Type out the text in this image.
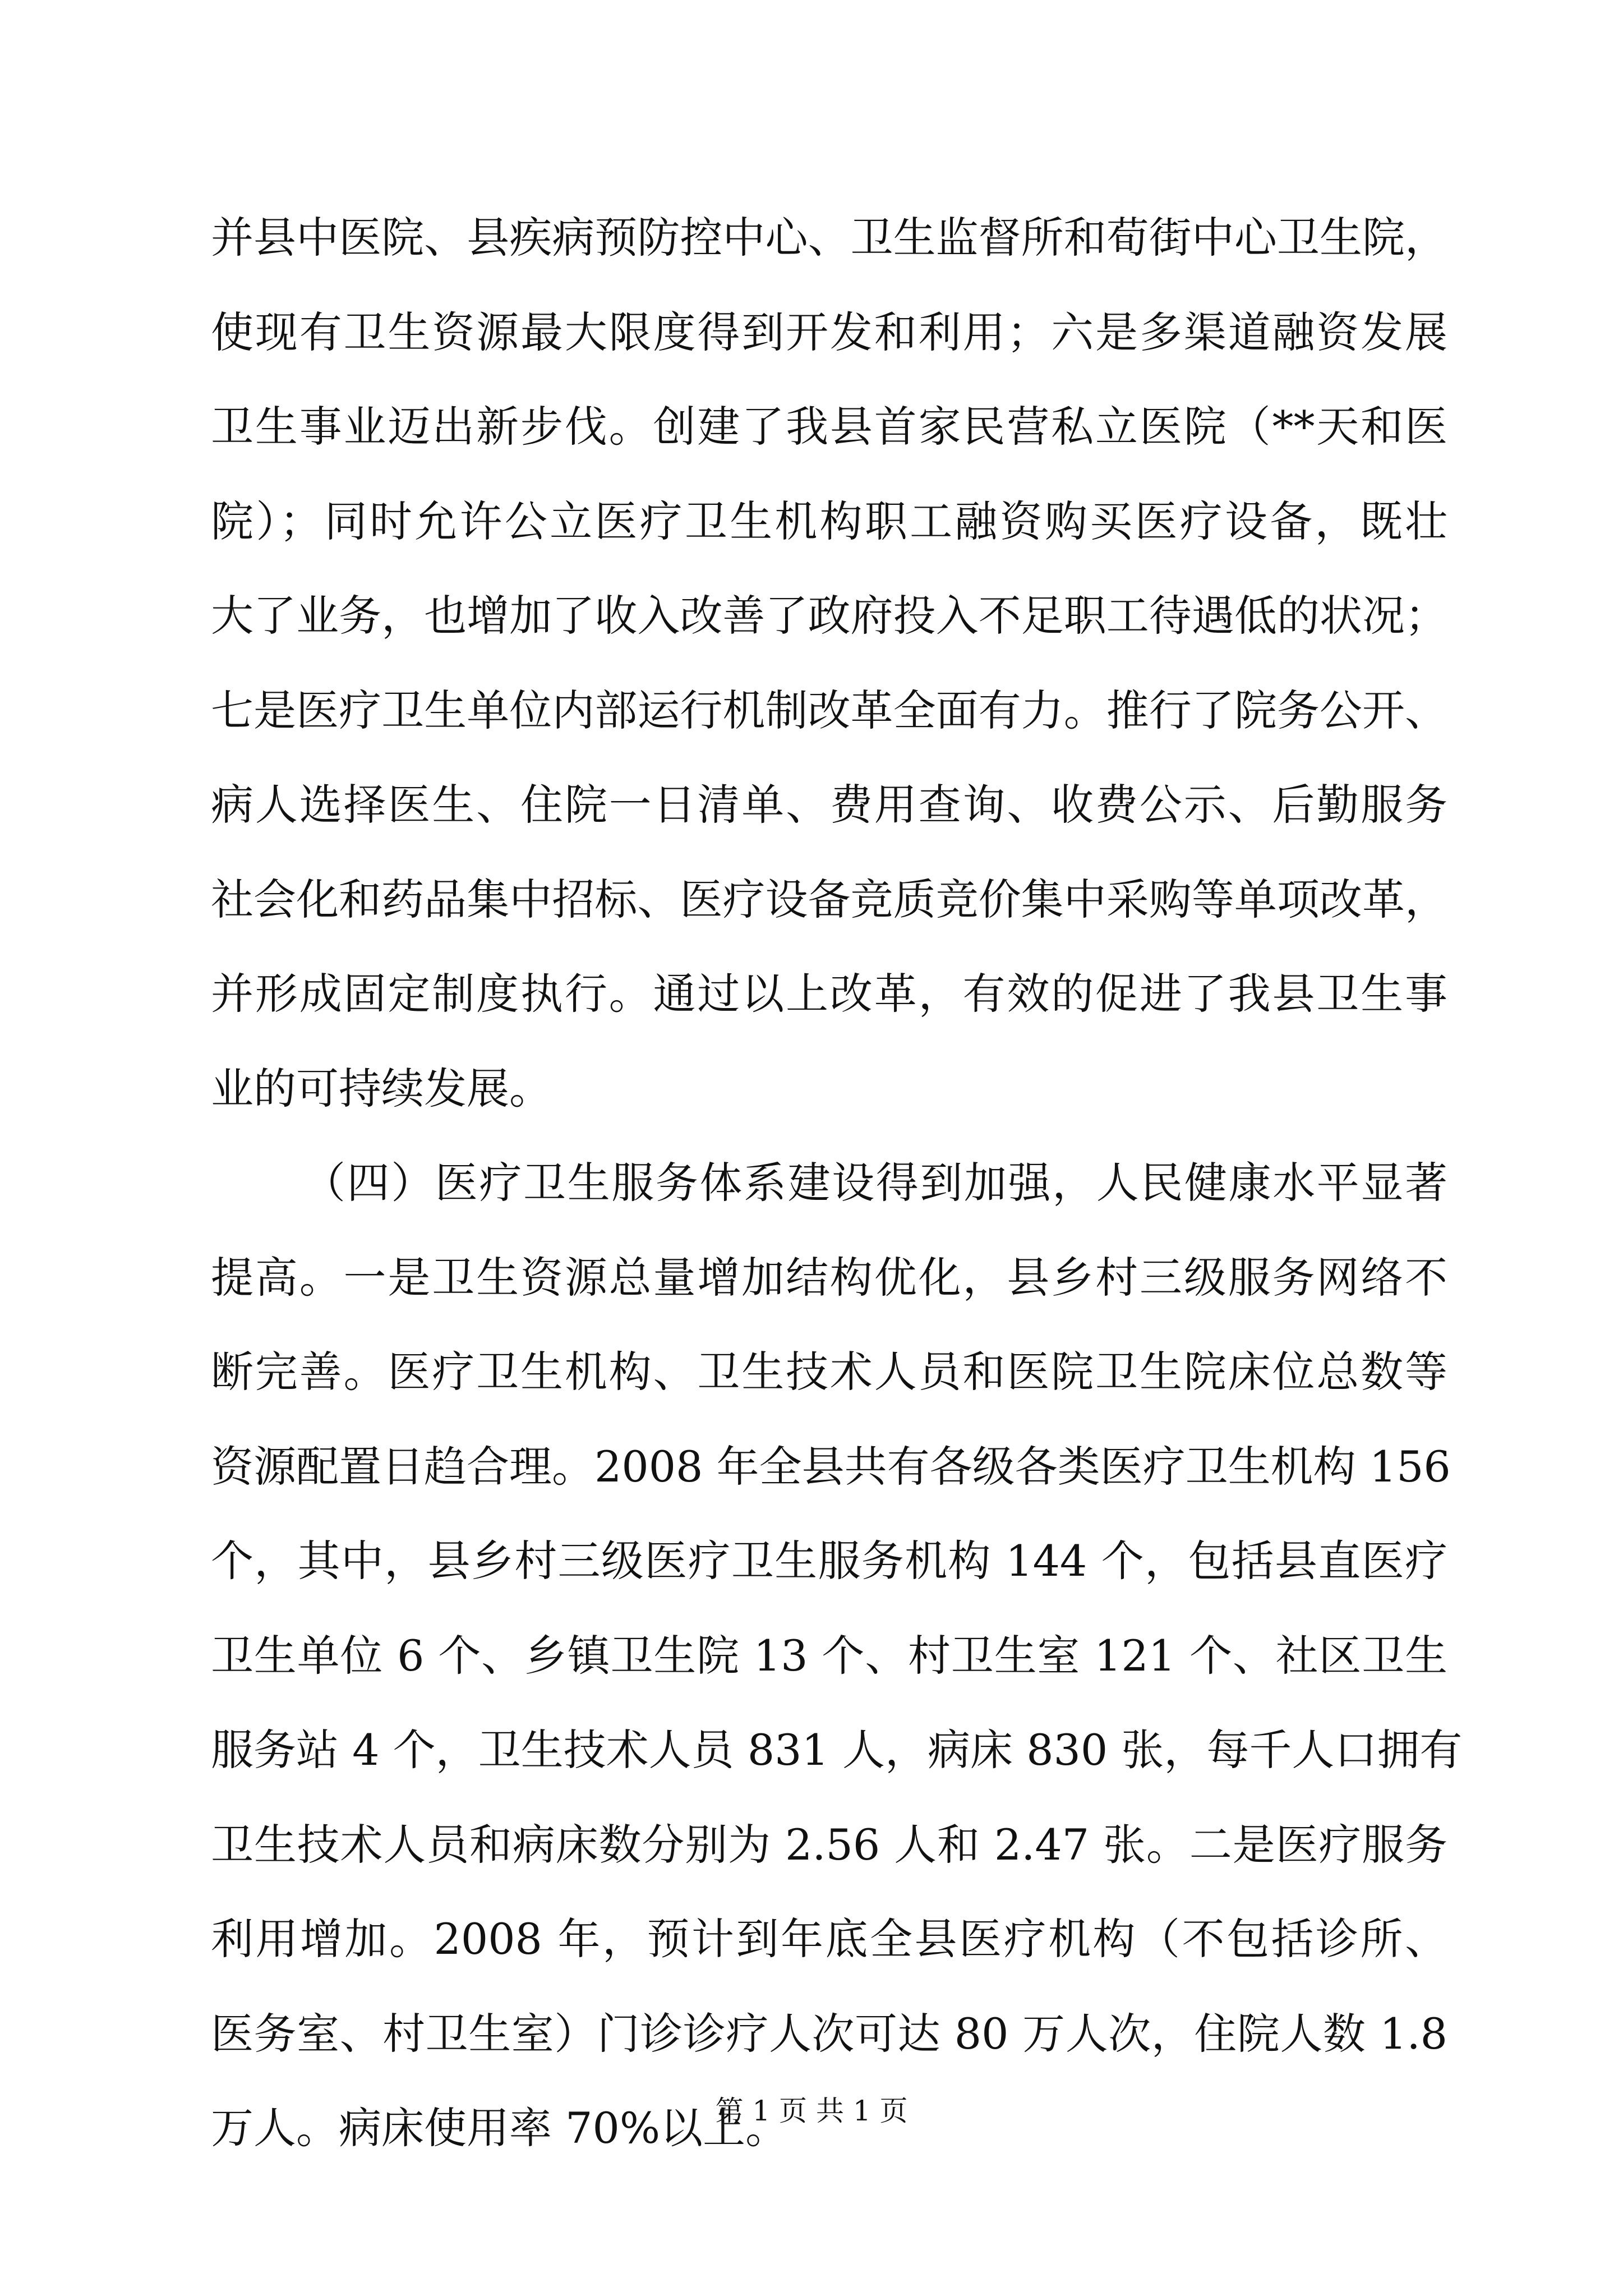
并县中医院、县疾病预防控中心、卫生监督所和荀街中心卫生院，
使现有卫生资源最大限度得到开发和利用；六是多渠道融资发展
卫生事业迈出新步伐。创建了我县首家民营私立医院（**天和医
院）；同时允许公立医疗卫生机构职工融资购买医疗设备，既壮
大了业务，也增加了收入改善了政府投入不足职工待遇低的状况；
七是医疗卫生单位内部运行机制改革全面有力。推行了院务公开、
病人选择医生、住院一日清单、费用查询、收费公示、后勤服务
社会化和药品集中招标、医疗设备竞质竞价集中采购等单项改革，
并形成固定制度执行。通过以上改革，有效的促进了我县卫生事
业的可持续发展。
（四）医疗卫生服务体系建设得到加强，人民健康水平显著
提高。一是卫生资源总量增加结构优化，县乡村三级服务网络不
断完善。医疗卫生机构、卫生技术人员和医院卫生院床位总数等
资源配置日趋合理。2008 年全县共有各级各类医疗卫生机构 156
个，其中，县乡村三级医疗卫生服务机构 144 个，包括县直医疗
卫生单位 6 个、乡镇卫生院 13 个、村卫生室 121 个、社区卫生
服务站 4 个，卫生技术人员 831 人，病床 830 张，每千人口拥有
卫生技术人员和病床数分别为 2.56 人和 2.47 张。二是医疗服务
利用增加。2008 年，预计到年底全县医疗机构（不包括诊所、
医务室、村卫生室）门诊诊疗人次可达 80 万人次，住院人数 1.8
万人。病床使用率 70%以上。
第 1 页 共 1 页
